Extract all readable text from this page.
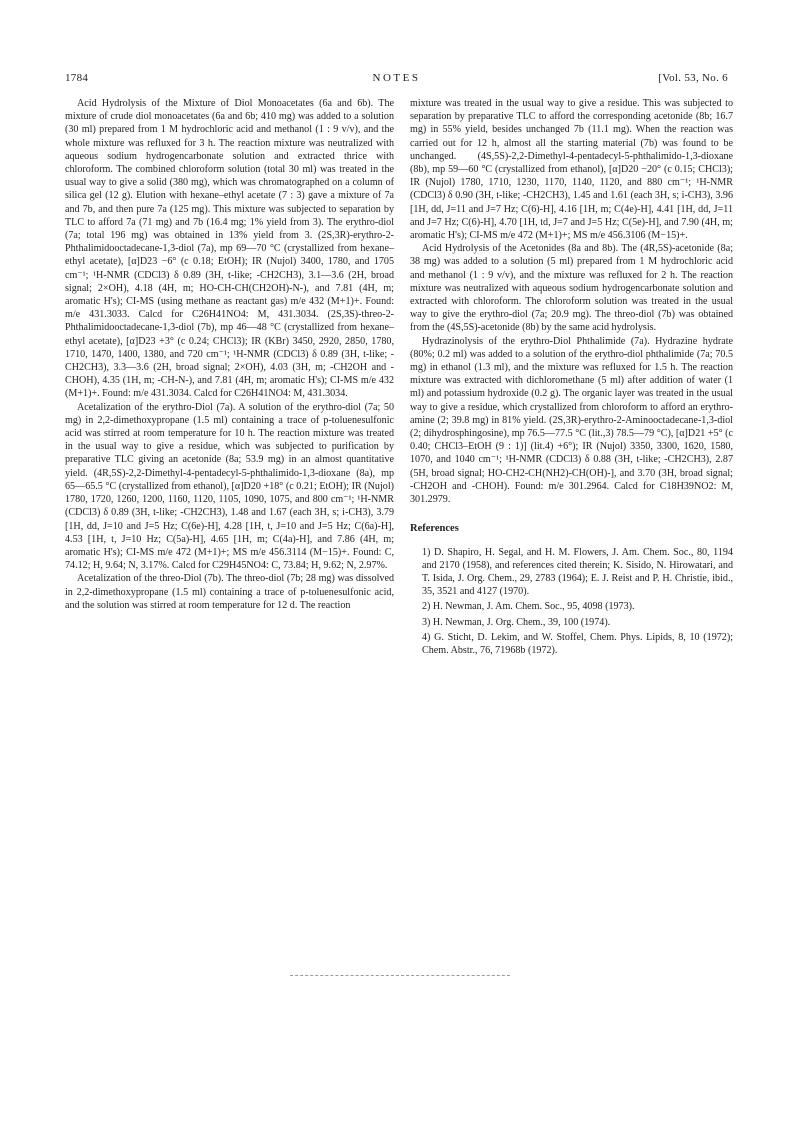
1784	NOTES	[Vol. 53, No. 6

Acid Hydrolysis of the Mixture of Diol Monoacetates (6a and 6b). The mixture of crude diol monoacetates (6a and 6b; 410 mg) was added to a solution (30 ml) prepared from 1 M hydrochloric acid and methanol (1 : 9 v/v), and the whole mixture was refluxed for 3 h. The reaction mixture was neutralized with aqueous sodium hydrogencarbonate solution and extracted thrice with chloroform. The combined chloroform solution (total 30 ml) was treated in the usual way to give a solid (380 mg), which was chromatographed on a column of silica gel (12 g). Elution with hexane–ethyl acetate (7 : 3) gave a mixture of 7a and 7b, and then pure 7a (125 mg). This mixture was subjected to separation by TLC to afford 7a (71 mg) and 7b (16.4 mg; 1% yield from 3). The erythro-diol (7a; total 196 mg) was obtained in 13% yield from 3. (2S,3R)-erythro-2-Phthalimidooctadecane-1,3-diol (7a), mp 69—70 °C (crystallized from hexane–ethyl acetate), [α]D23 −6° (c 0.18; EtOH); IR (Nujol) 3400, 1780, and 1705 cm⁻¹; ¹H-NMR (CDCl3) δ 0.89 (3H, t-like; -CH2CH3), 3.1—3.6 (2H, broad signal; 2×OH), 4.18 (4H, m; HO-CH-CH(CH2OH)-N-), and 7.81 (4H, m; aromatic H's); CI-MS (using methane as reactant gas) m/e 432 (M+1)+. Found: m/e 431.3033. Calcd for C26H41NO4: M, 431.3034. (2S,3S)-threo-2-Phthalimidooctadecane-1,3-diol (7b), mp 46—48 °C (crystallized from hexane–ethyl acetate), [α]D23 +3° (c 0.24; CHCl3); IR (KBr) 3450, 2920, 2850, 1780, 1710, 1470, 1400, 1380, and 720 cm⁻¹; ¹H-NMR (CDCl3) δ 0.89 (3H, t-like; -CH2CH3), 3.3—3.6 (2H, broad signal; 2×OH), 4.03 (3H, m; -CH2OH and -CHOH), 4.35 (1H, m; -CH-N-), and 7.81 (4H, m; aromatic H's); CI-MS m/e 432 (M+1)+. Found: m/e 431.3034. Calcd for C26H41NO4: M, 431.3034.

Acetalization of the erythro-Diol (7a). A solution of the erythro-diol (7a; 50 mg) in 2,2-dimethoxypropane (1.5 ml) containing a trace of p-toluenesulfonic acid was stirred at room temperature for 10 h. The reaction mixture was treated in the usual way to give a residue, which was subjected to purification by preparative TLC giving an acetonide (8a; 53.9 mg) in an almost quantitative yield. (4R,5S)-2,2-Dimethyl-4-pentadecyl-5-phthalimido-1,3-dioxane (8a), mp 65—65.5 °C (crystallized from ethanol), [α]D20 +18° (c 0.21; EtOH); IR (Nujol) 1780, 1720, 1260, 1200, 1160, 1120, 1105, 1090, 1075, and 800 cm⁻¹; ¹H-NMR (CDCl3) δ 0.89 (3H, t-like; -CH2CH3), 1.48 and 1.67 (each 3H, s; i-CH3), 3.79 [1H, dd, J=10 and J=5 Hz; C(6e)-H], 4.28 [1H, t, J=10 and J=5 Hz; C(6a)-H], 4.53 [1H, t, J=10 Hz; C(5a)-H], 4.65 [1H, m; C(4a)-H], and 7.86 (4H, m; aromatic H's); CI-MS m/e 472 (M+1)+; MS m/e 456.3114 (M−15)+. Found: C, 74.12; H, 9.64; N, 3.17%. Calcd for C29H45NO4: C, 73.84; H, 9.62; N, 2.97%.

Acetalization of the threo-Diol (7b). The threo-diol (7b; 28 mg) was dissolved in 2,2-dimethoxypropane (1.5 ml) containing a trace of p-toluenesulfonic acid, and the solution was stirred at room temperature for 12 d. The reaction

mixture was treated in the usual way to give a residue. This was subjected to separation by preparative TLC to afford the corresponding acetonide (8b; 16.7 mg) in 55% yield, besides unchanged 7b (11.1 mg). When the reaction was carried out for 12 h, almost all the starting material (7b) was found to be unchanged. (4S,5S)-2,2-Dimethyl-4-pentadecyl-5-phthalimido-1,3-dioxane (8b), mp 59—60 °C (crystallized from ethanol), [α]D20 −20° (c 0.15; CHCl3); IR (Nujol) 1780, 1710, 1230, 1170, 1140, 1120, and 880 cm⁻¹; ¹H-NMR (CDCl3) δ 0.90 (3H, t-like; -CH2CH3), 1.45 and 1.61 (each 3H, s; i-CH3), 3.96 [1H, dd, J=11 and J=7 Hz; C(6)-H], 4.16 [1H, m; C(4e)-H], 4.41 [1H, dd, J=11 and J=7 Hz; C(6)-H], 4.70 [1H, td, J=7 and J=5 Hz; C(5e)-H], and 7.90 (4H, m; aromatic H's); CI-MS m/e 472 (M+1)+; MS m/e 456.3106 (M−15)+.

Acid Hydrolysis of the Acetonides (8a and 8b). The (4R,5S)-acetonide (8a; 38 mg) was added to a solution (5 ml) prepared from 1 M hydrochloric acid and methanol (1 : 9 v/v), and the mixture was refluxed for 2 h. The reaction mixture was neutralized with aqueous sodium hydrogencarbonate solution and extracted with chloroform. The chloroform solution was treated in the usual way to give the erythro-diol (7a; 20.9 mg). The threo-diol (7b) was obtained from the (4S,5S)-acetonide (8b) by the same acid hydrolysis.

Hydrazinolysis of the erythro-Diol Phthalimide (7a). Hydrazine hydrate (80%; 0.2 ml) was added to a solution of the erythro-diol phthalimide (7a; 70.5 mg) in ethanol (1.3 ml), and the mixture was refluxed for 1.5 h. The reaction mixture was extracted with dichloromethane (5 ml) after addition of water (1 ml) and potassium hydroxide (0.2 g). The organic layer was treated in the usual way to give a residue, which crystallized from chloroform to afford an erythro-amine (2; 39.8 mg) in 81% yield. (2S,3R)-erythro-2-Aminooctadecane-1,3-diol (2; dihydrosphingosine), mp 76.5—77.5 °C (lit.,3) 78.5—79 °C), [α]D21 +5° (c 0.40; CHCl3–EtOH (9 : 1)] (lit.4) +6°); IR (Nujol) 3350, 3300, 1620, 1580, 1070, and 1040 cm⁻¹; ¹H-NMR (CDCl3) δ 0.88 (3H, t-like; -CH2CH3), 2.87 (5H, broad signal; HO-CH2-CH(NH2)-CH(OH)-], and 3.70 (3H, broad signal; -CH2OH and -CHOH). Found: m/e 301.2964. Calcd for C18H39NO2: M, 301.2979.

References

1) D. Shapiro, H. Segal, and H. M. Flowers, J. Am. Chem. Soc., 80, 1194 and 2170 (1958), and references cited therein; K. Sisido, N. Hirowatari, and T. Isida, J. Org. Chem., 29, 2783 (1964); E. J. Reist and P. H. Christie, ibid., 35, 3521 and 4127 (1970).

2) H. Newman, J. Am. Chem. Soc., 95, 4098 (1973).

3) H. Newman, J. Org. Chem., 39, 100 (1974).

4) G. Sticht, D. Lekim, and W. Stoffel, Chem. Phys. Lipids, 8, 10 (1972); Chem. Abstr., 76, 71968b (1972).
